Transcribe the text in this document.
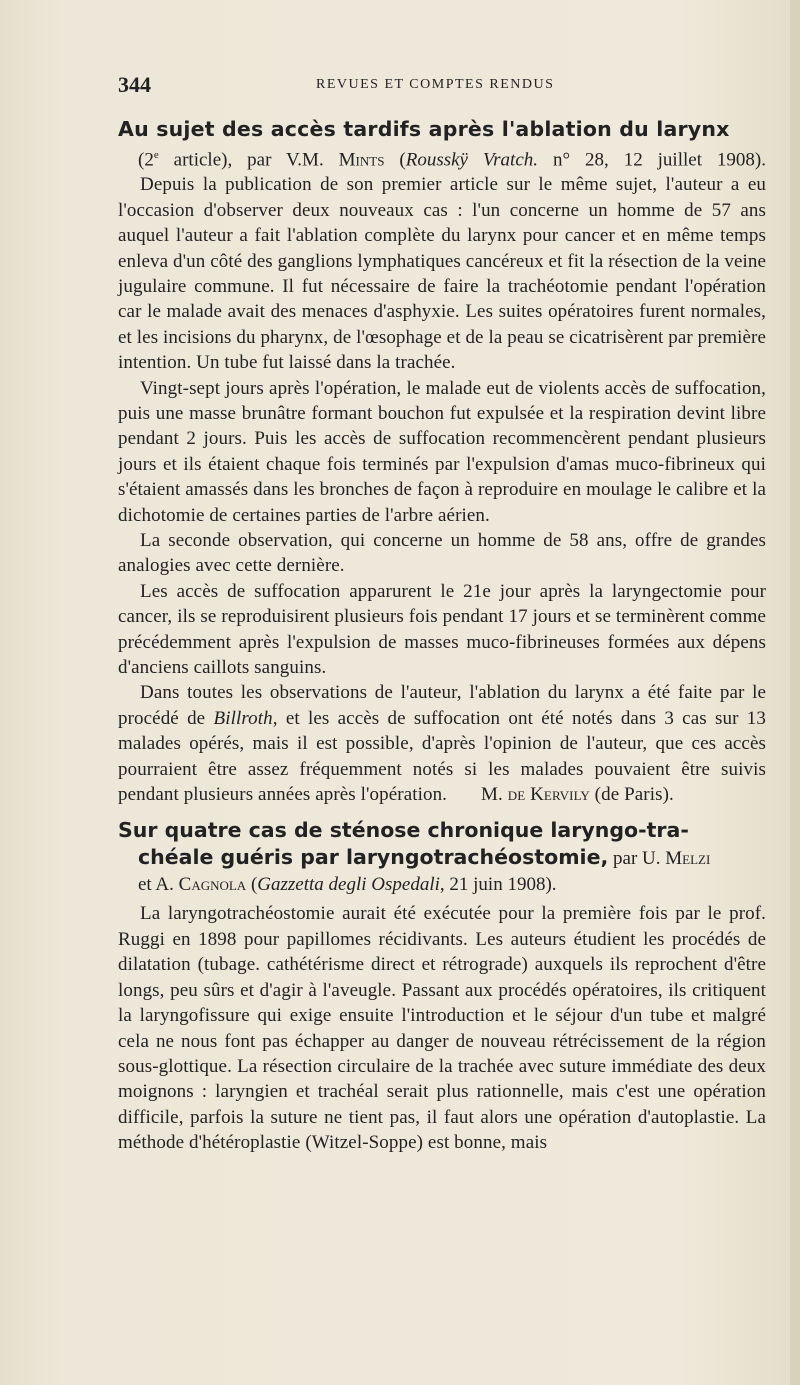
344	REVUES ET COMPTES RENDUS
Au sujet des accès tardifs après l'ablation du larynx
(2e article), par V.M. Mints (Rousskÿ Vratch. n° 28, 12 juillet 1908).

Depuis la publication de son premier article sur le même sujet, l'auteur a eu l'occasion d'observer deux nouveaux cas : l'un concerne un homme de 57 ans auquel l'auteur a fait l'ablation complète du larynx pour cancer et en même temps enleva d'un côté des ganglions lymphatiques cancéreux et fit la résection de la veine jugulaire commune. Il fut nécessaire de faire la trachéotomie pendant l'opération car le malade avait des menaces d'asphyxie. Les suites opératoires furent normales, et les incisions du pharynx, de l'œsophage et de la peau se cicatrisèrent par première intention. Un tube fut laissé dans la trachée.

Vingt-sept jours après l'opération, le malade eut de violents accès de suffocation, puis une masse brunâtre formant bouchon fut expulsée et la respiration devint libre pendant 2 jours. Puis les accès de suffocation recommencèrent pendant plusieurs jours et ils étaient chaque fois terminés par l'expulsion d'amas muco-fibrineux qui s'étaient amassés dans les bronches de façon à reproduire en moulage le calibre et la dichotomie de certaines parties de l'arbre aérien.

La seconde observation, qui concerne un homme de 58 ans, offre de grandes analogies avec cette dernière.

Les accès de suffocation apparurent le 21e jour après la laryngectomie pour cancer, ils se reproduisirent plusieurs fois pendant 17 jours et se terminèrent comme précédemment après l'expulsion de masses muco-fibrineuses formées aux dépens d'anciens caillots sanguins.

Dans toutes les observations de l'auteur, l'ablation du larynx a été faite par le procédé de Billroth, et les accès de suffocation ont été notés dans 3 cas sur 13 malades opérés, mais il est possible, d'après l'opinion de l'auteur, que ces accès pourraient être assez fréquemment notés si les malades pouvaient être suivis pendant plusieurs années après l'opération. M. de Kervily (de Paris).

Sur quatre cas de sténose chronique laryngo-tra-
chéale guéris par laryngotrachéostomie, par U. Melzi
et A. Cagnola (Gazzetta degli Ospedali, 21 juin 1908).

La laryngotrachéostomie aurait été exécutée pour la première fois par le prof. Ruggi en 1898 pour papillomes récidivants. Les auteurs étudient les procédés de dilatation (tubage. cathétérisme direct et rétrograde) auxquels ils reprochent d'être longs, peu sûrs et d'agir à l'aveugle. Passant aux procédés opératoires, ils critiquent la laryngofissure qui exige ensuite l'introduction et le séjour d'un tube et malgré cela ne nous font pas échapper au danger de nouveau rétrécissement de la région sous-glottique. La résection circulaire de la trachée avec suture immédiate des deux moignons : laryngien et trachéal serait plus rationnelle, mais c'est une opération difficile, parfois la suture ne tient pas, il faut alors une opération d'autoplastie. La méthode d'hétéroplastie (Witzel-Soppe) est bonne, mais
